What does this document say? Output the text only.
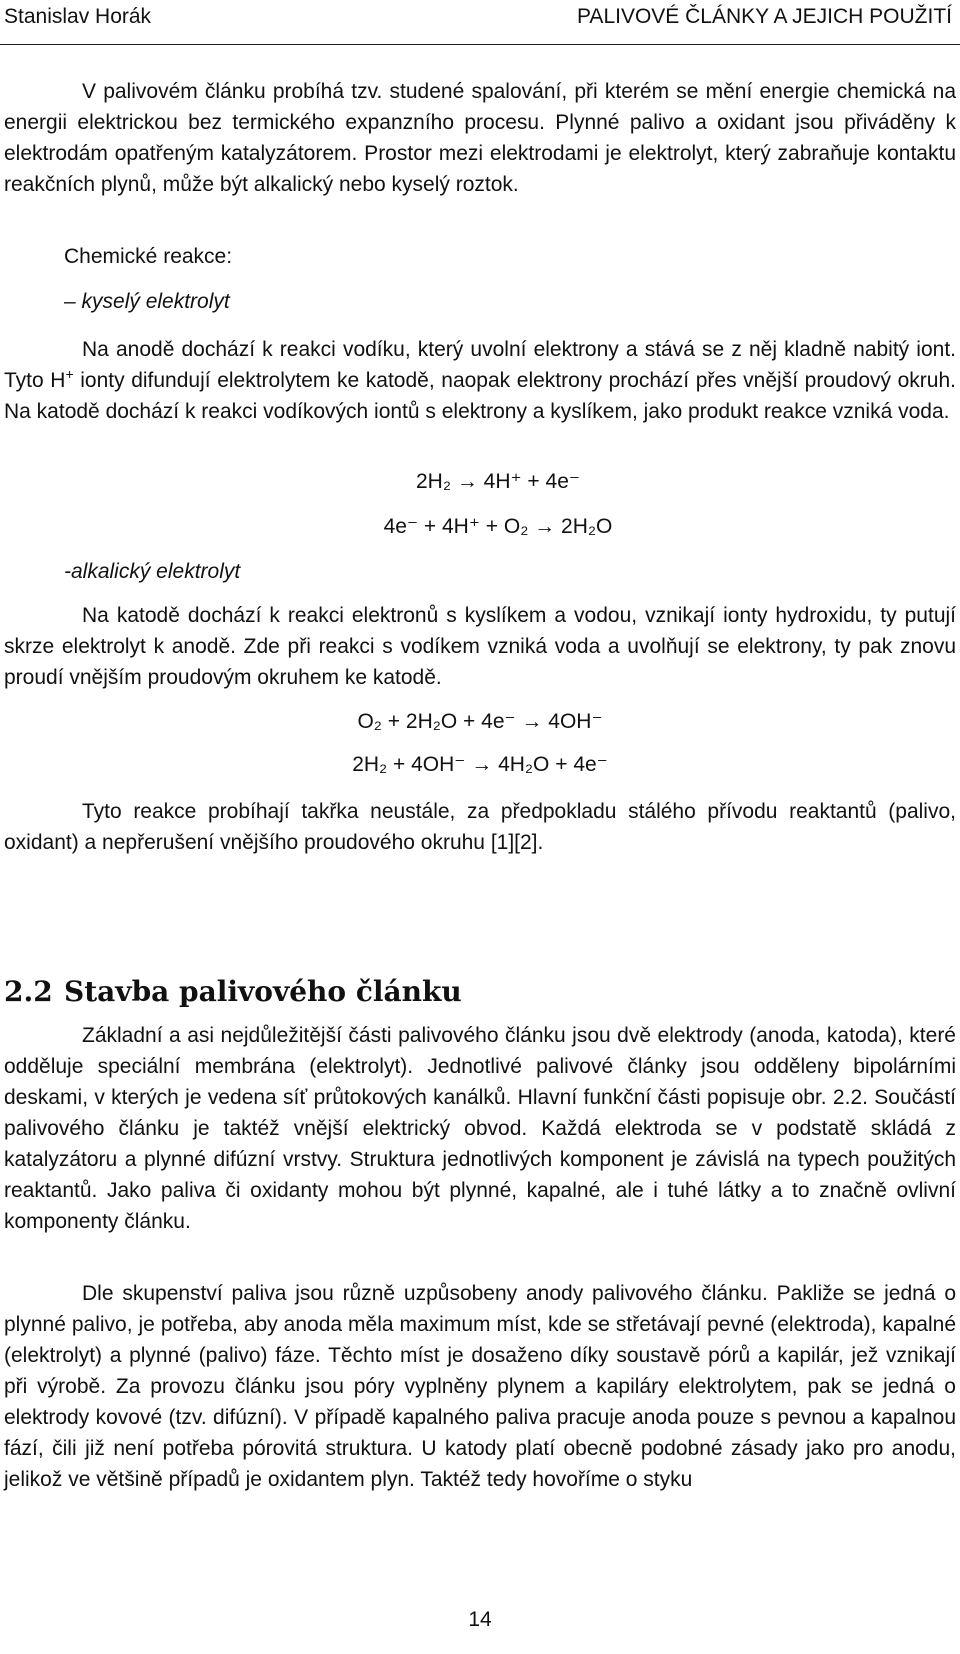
Stanislav Horák	PALIVOVÉ ČLÁNKY A JEJICH POUŽITÍ

V palivovém článku probíhá tzv. studené spalování, při kterém se mění energie chemická na energii elektrickou bez termického expanzního procesu. Plynné palivo a oxidant jsou přiváděny k elektrodám opatřeným katalyzátorem. Prostor mezi elektrodami je elektrolyt, který zabraňuje kontaktu reakčních plynů, může být alkalický nebo kyselý roztok.

Chemické reakce:
– kyselý elektrolyt

Na anodě dochází k reakci vodíku, který uvolní elektrony a stává se z něj kladně nabitý iont. Tyto H+ ionty difundují elektrolytem ke katodě, naopak elektrony prochází přes vnější proudový okruh. Na katodě dochází k reakci vodíkových iontů s elektrony a kyslíkem, jako produkt reakce vzniká voda.

2H₂ → 4H⁺ + 4e⁻
4e⁻ + 4H⁺ + O₂ → 2H₂O
-alkalický elektrolyt

Na katodě dochází k reakci elektronů s kyslíkem a vodou, vznikají ionty hydroxidu, ty putují skrze elektrolyt k anodě. Zde při reakci s vodíkem vzniká voda a uvolňují se elektrony, ty pak znovu proudí vnějším proudovým okruhem ke katodě.

O₂ + 2H₂O + 4e⁻ → 4OH⁻
2H₂ + 4OH⁻ → 4H₂O + 4e⁻

Tyto reakce probíhají takřka neustále, za předpokladu stálého přívodu reaktantů (palivo, oxidant) a nepřerušení vnějšího proudového okruhu [1][2].

2.2 Stavba palivového článku

Základní a asi nejdůležitější části palivového článku jsou dvě elektrody (anoda, katoda), které odděluje speciální membrána (elektrolyt). Jednotlivé palivové články jsou odděleny bipolárními deskami, v kterých je vedena síť průtokových kanálků. Hlavní funkční části popisuje obr. 2.2. Součástí palivového článku je taktéž vnější elektrický obvod. Každá elektroda se v podstatě skládá z katalyzátoru a plynné difúzní vrstvy. Struktura jednotlivých komponent je závislá na typech použitých reaktantů. Jako paliva či oxidanty mohou být plynné, kapalné, ale i tuhé látky a to značně ovlivní komponenty článku.

Dle skupenství paliva jsou různě uzpůsobeny anody palivového článku. Pakliže se jedná o plynné palivo, je potřeba, aby anoda měla maximum míst, kde se střetávají pevné (elektroda), kapalné (elektrolyt) a plynné (palivo) fáze. Těchto míst je dosaženo díky soustavě pórů a kapilár, jež vznikají při výrobě. Za provozu článku jsou póry vyplněny plynem a kapiláry elektrolytem, pak se jedná o elektrody kovové (tzv. difúzní). V případě kapalného paliva pracuje anoda pouze s pevnou a kapalnou fází, čili již není potřeba pórovitá struktura. U katody platí obecně podobné zásady jako pro anodu, jelikož ve většině případů je oxidantem plyn. Taktéž tedy hovoříme o styku

14
